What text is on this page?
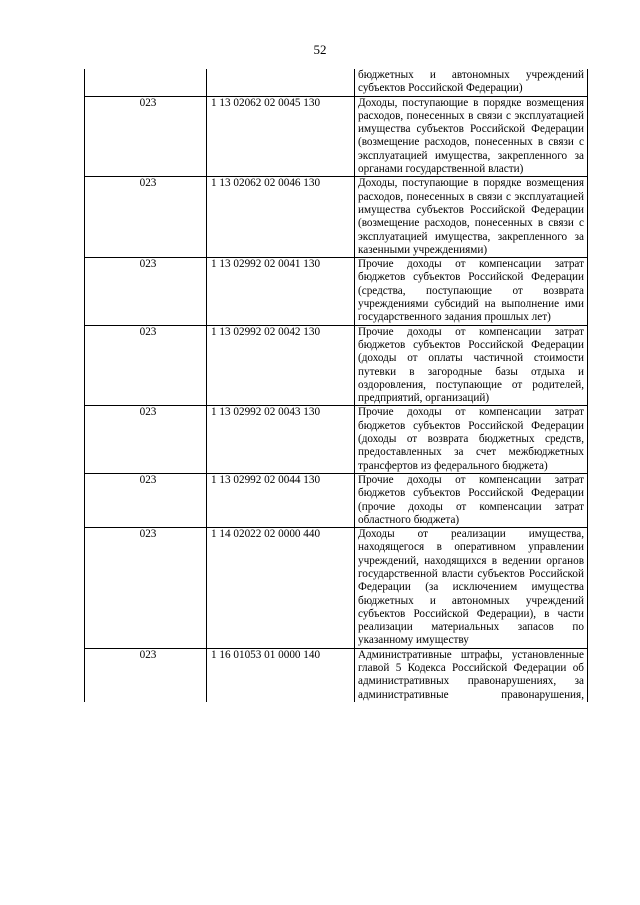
52

		бюджетных и автономных учреждений субъектов Российской Федерации)

023	1 13 02062 02 0045 130	Доходы, поступающие в порядке возмещения расходов, понесенных в связи с эксплуатацией имущества субъектов Российской Федерации (возмещение расходов, понесенных в связи с эксплуатацией имущества, закрепленного за органами государственной власти)

023	1 13 02062 02 0046 130	Доходы, поступающие в порядке возмещения расходов, понесенных в связи с эксплуатацией имущества субъектов Российской Федерации (возмещение расходов, понесенных в связи с эксплуатацией имущества, закрепленного за казенными учреждениями)

023	1 13 02992 02 0041 130	Прочие доходы от компенсации затрат бюджетов субъектов Российской Федерации (средства, поступающие от возврата учреждениями субсидий на выполнение ими государственного задания прошлых лет)

023	1 13 02992 02 0042 130	Прочие доходы от компенсации затрат бюджетов субъектов Российской Федерации (доходы от оплаты частичной стоимости путевки в загородные базы отдыха и оздоровления, поступающие от родителей, предприятий, организаций)

023	1 13 02992 02 0043 130	Прочие доходы от компенсации затрат бюджетов субъектов Российской Федерации (доходы от возврата бюджетных средств, предоставленных за счет межбюджетных трансфертов из федерального бюджета)

023	1 13 02992 02 0044 130	Прочие доходы от компенсации затрат бюджетов субъектов Российской Федерации (прочие доходы от компенсации затрат областного бюджета)

023	1 14 02022 02 0000 440	Доходы от реализации имущества, находящегося в оперативном управлении учреждений, находящихся в ведении органов государственной власти субъектов Российской Федерации (за исключением имущества бюджетных и автономных учреждений субъектов Российской Федерации), в части реализации материальных запасов по указанному имуществу

023	1 16 01053 01 0000 140	Административные штрафы, установленные главой 5 Кодекса Российской Федерации об административных правонарушениях, за административные правонарушения,
